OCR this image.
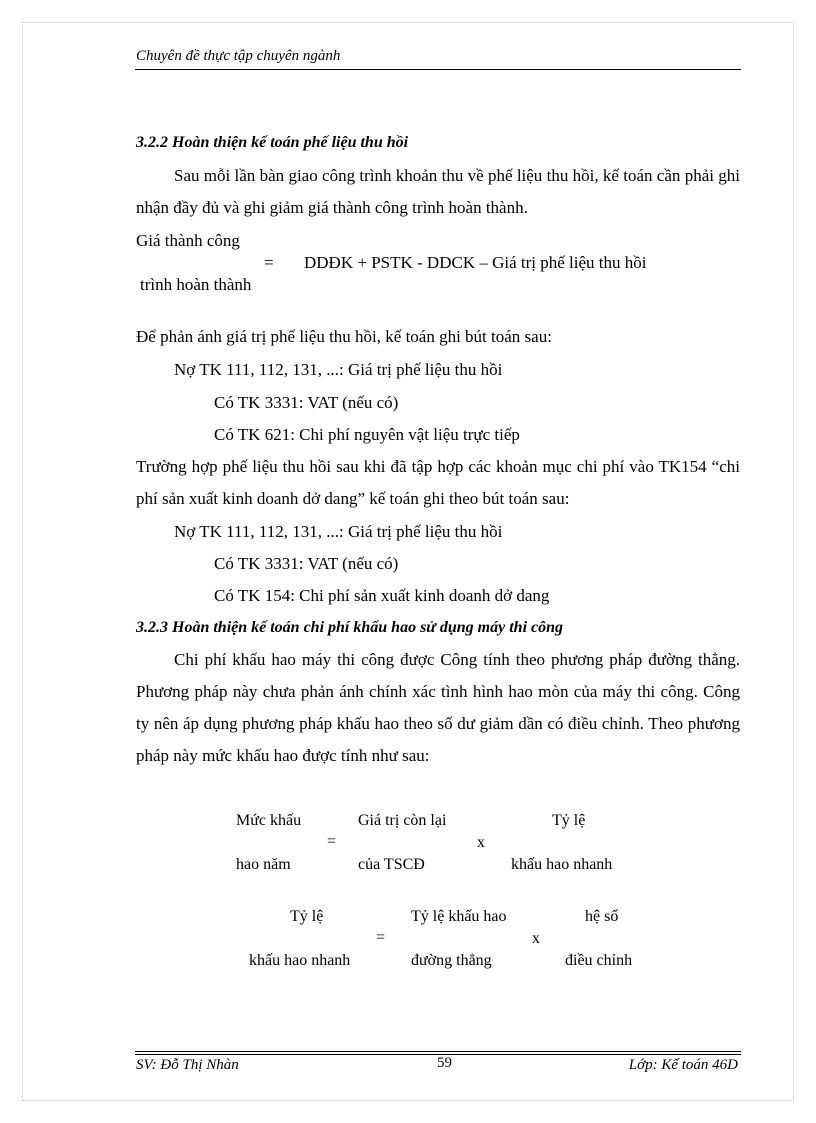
Chuyên đề thực tập chuyên ngành
3.2.2 Hoàn thiện kế toán phế liệu thu hồi
Sau mỗi lần bàn giao công trình khoản thu về phế liệu thu hồi, kế toán cần phải ghi nhận đầy đủ và ghi giảm giá thành công trình hoàn thành.
Giá thành công
= DDĐK + PSTK - DDCK – Giá trị phế liệu thu hồi
trình hoàn thành
Để phản ánh giá trị phế liệu thu hồi, kế toán ghi bút toán sau:
Nợ TK 111, 112, 131, ...: Giá trị phế liệu thu hồi
Có TK 3331: VAT (nếu có)
Có TK 621: Chi phí nguyên vật liệu trực tiếp
Trường hợp phế liệu thu hồi sau khi đã tập hợp các khoản mục chi phí vào TK154 “chi phí sản xuất kinh doanh dở dang” kế toán ghi theo bút toán sau:
Nợ TK 111, 112, 131, ...: Giá trị phế liệu thu hồi
Có TK 3331: VAT (nếu có)
Có TK 154: Chi phí sản xuất kinh doanh dở dang
3.2.3 Hoàn thiện kế toán chi phí khấu hao sử dụng máy thi công
Chi phí khấu hao máy thi công được Công tính theo phương pháp đường thẳng. Phương pháp này chưa phản ánh chính xác tình hình hao mòn của máy thi công. Công ty nên áp dụng phương pháp khấu hao theo số dư giảm dần có điều chỉnh. Theo phương pháp này mức khấu hao được tính như sau:
Mức khấu
hao năm
=
Giá trị còn lại
của TSCĐ
x
Tỷ lệ
khấu hao nhanh
Tỷ lệ
khấu hao nhanh
=
Tỷ lệ khấu hao
đường thẳng
x
hệ số
điều chỉnh
SV: Đỗ Thị Nhàn	59	Lớp: Kế toán 46D
